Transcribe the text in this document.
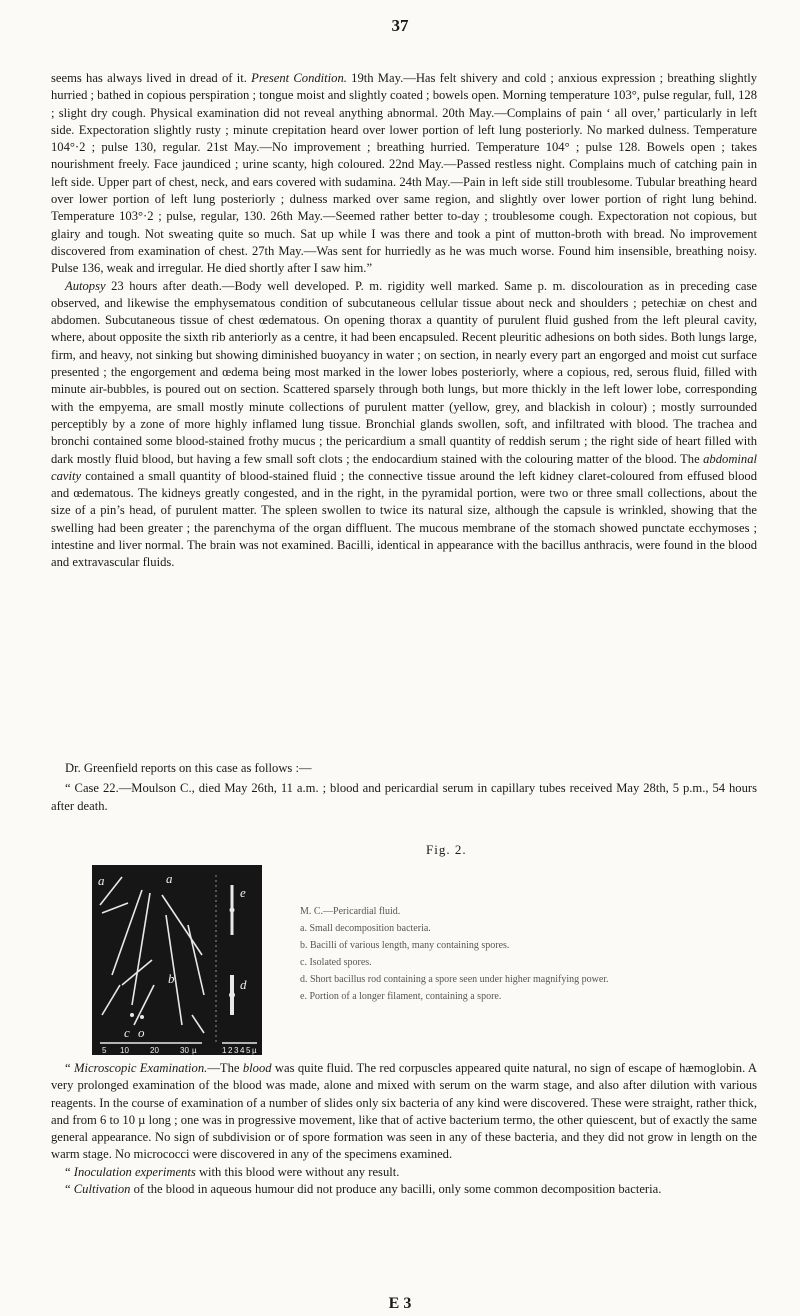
37

seems has always lived in dread of it. Present Condition. 19th May.—Has felt shivery and cold ; anxious expression ; breathing slightly hurried ; bathed in copious perspiration ; tongue moist and slightly coated ; bowels open. Morning temperature 103°, pulse regular, full, 128 ; slight dry cough. Physical examination did not reveal anything abnormal. 20th May.—Complains of pain ‘ all over,’ particularly in left side. Expectoration slightly rusty ; minute crepitation heard over lower portion of left lung posteriorly. No marked dulness. Temperature 104°·2 ; pulse 130, regular. 21st May.—No improvement ; breathing hurried. Temperature 104° ; pulse 128. Bowels open ; takes nourishment freely. Face jaundiced ; urine scanty, high coloured. 22nd May.—Passed restless night. Complains much of catching pain in left side. Upper part of chest, neck, and ears covered with sudamina. 24th May.—Pain in left side still troublesome. Tubular breathing heard over lower portion of left lung posteriorly ; dulness marked over same region, and slightly over lower portion of right lung behind. Temperature 103°·2 ; pulse, regular, 130. 26th May.—Seemed rather better to-day ; troublesome cough. Expectoration not copious, but glairy and tough. Not sweating quite so much. Sat up while I was there and took a pint of mutton-broth with bread. No improvement discovered from examination of chest. 27th May.—Was sent for hurriedly as he was much worse. Found him insensible, breathing noisy. Pulse 136, weak and irregular. He died shortly after I saw him.”

Autopsy 23 hours after death.—Body well developed. P. m. rigidity well marked. Same p. m. discolouration as in preceding case observed, and likewise the emphysematous condition of subcutaneous cellular tissue about neck and shoulders ; petechiæ on chest and abdomen. Subcutaneous tissue of chest œdematous. On opening thorax a quantity of purulent fluid gushed from the left pleural cavity, where, about opposite the sixth rib anteriorly as a centre, it had been encapsuled. Recent pleuritic adhesions on both sides. Both lungs large, firm, and heavy, not sinking but showing diminished buoyancy in water ; on section, in nearly every part an engorged and moist cut surface presented ; the engorgement and œdema being most marked in the lower lobes posteriorly, where a copious, red, serous fluid, filled with minute air-bubbles, is poured out on section. Scattered sparsely through both lungs, but more thickly in the left lower lobe, corresponding with the empyema, are small mostly minute collections of purulent matter (yellow, grey, and blackish in colour) ; mostly surrounded perceptibly by a zone of more highly inflamed lung tissue. Bronchial glands swollen, soft, and infiltrated with blood. The trachea and bronchi contained some blood-stained frothy mucus ; the pericardium a small quantity of reddish serum ; the right side of heart filled with dark mostly fluid blood, but having a few small soft clots ; the endocardium stained with the colouring matter of the blood. The abdominal cavity contained a small quantity of blood-stained fluid ; the connective tissue around the left kidney claret-coloured from effused blood and œdematous. The kidneys greatly congested, and in the right, in the pyramidal portion, were two or three small collections, about the size of a pin’s head, of purulent matter. The spleen swollen to twice its natural size, although the capsule is wrinkled, showing that the swelling had been greater ; the parenchyma of the organ diffluent. The mucous membrane of the stomach showed punctate ecchymoses ; intestine and liver normal. The brain was not examined. Bacilli, identical in appearance with the bacillus anthracis, were found in the blood and extravascular fluids.

Dr. Greenfield reports on this case as follows :—

“ Case 22.—Moulson C., died May 26th, 11 a.m. ; blood and pericardial serum in capillary tubes received May 28th, 5 p.m., 54 hours after death.

Fig. 2.
a	a
b
c o
e
d
5 10	20	30 µ	1 2 3 4 5 µ
M. C.—Pericardial fluid.
a. Small decomposition bacteria.
b. Bacilli of various length, many containing spores.
c. Isolated spores.
d. Short bacillus rod containing a spore seen under higher magnifying power.
e. Portion of a longer filament, containing a spore.

“ Microscopic Examination.—The blood was quite fluid. The red corpuscles appeared quite natural, no sign of escape of hæmoglobin. A very prolonged examination of the blood was made, alone and mixed with serum on the warm stage, and also after dilution with various reagents. In the course of examination of a number of slides only six bacteria of any kind were discovered. These were straight, rather thick, and from 6 to 10 µ long ; one was in progressive movement, like that of active bacterium termo, the other quiescent, but of exactly the same general appearance. No sign of subdivision or of spore formation was seen in any of these bacteria, and they did not grow in length on the warm stage. No micrococci were discovered in any of the specimens examined.

“ Inoculation experiments with this blood were without any result.

“ Cultivation of the blood in aqueous humour did not produce any bacilli, only some common decomposition bacteria.

E 3
